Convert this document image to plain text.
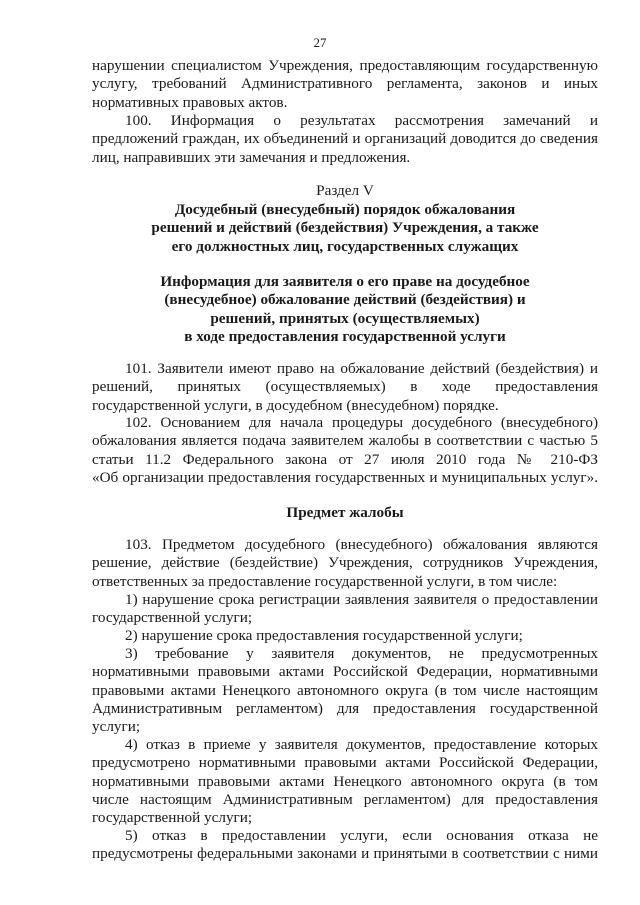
27
нарушении специалистом Учреждения, предоставляющим государственную
услугу, требований Административного регламента, законов и иных
нормативных правовых актов.
100. Информация о результатах рассмотрения замечаний и
предложений граждан, их объединений и организаций доводится до сведения
лиц, направивших эти замечания и предложения.
Раздел V
Досудебный (внесудебный) порядок обжалования
решений и действий (бездействия) Учреждения, а также
его должностных лиц, государственных служащих
Информация для заявителя о его праве на досудебное
(внесудебное) обжалование действий (бездействия) и
решений, принятых (осуществляемых)
в ходе предоставления государственной услуги
101. Заявители имеют право на обжалование действий (бездействия) и
решений, принятых (осуществляемых) в ходе предоставления
государственной услуги, в досудебном (внесудебном) порядке.
102. Основанием для начала процедуры досудебного (внесудебного)
обжалования является подача заявителем жалобы в соответствии с частью 5
статьи 11.2 Федерального закона от 27 июля 2010 года № 210-ФЗ
«Об организации предоставления государственных и муниципальных услуг».
Предмет жалобы
103. Предметом досудебного (внесудебного) обжалования являются
решение, действие (бездействие) Учреждения, сотрудников Учреждения,
ответственных за предоставление государственной услуги, в том числе:
1) нарушение срока регистрации заявления заявителя о предоставлении
государственной услуги;
2) нарушение срока предоставления государственной услуги;
3) требование у заявителя документов, не предусмотренных
нормативными правовыми актами Российской Федерации, нормативными
правовыми актами Ненецкого автономного округа (в том числе настоящим
Административным регламентом) для предоставления государственной
услуги;
4) отказ в приеме у заявителя документов, предоставление которых
предусмотрено нормативными правовыми актами Российской Федерации,
нормативными правовыми актами Ненецкого автономного округа (в том
числе настоящим Административным регламентом) для предоставления
государственной услуги;
5) отказ в предоставлении услуги, если основания отказа не
предусмотрены федеральными законами и принятыми в соответствии с ними
